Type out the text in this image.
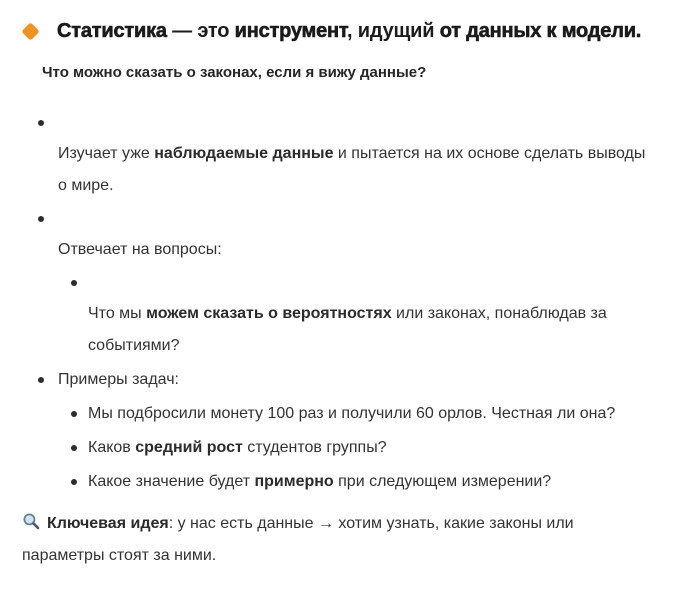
Статистика — это инструмент, идущий от данных к модели.
Что можно сказать о законах, если я вижу данные?
Изучает уже наблюдаемые данные и пытается на их основе сделать выводы о мире.
Отвечает на вопросы:
Что мы можем сказать о вероятностях или законах, понаблюдав за событиями?
Примеры задач:
Мы подбросили монету 100 раз и получили 60 орлов. Честная ли она?
Каков средний рост студентов группы?
Какое значение будет примерно при следующем измерении?
Ключевая идея: у нас есть данные → хотим узнать, какие законы или параметры стоят за ними.
